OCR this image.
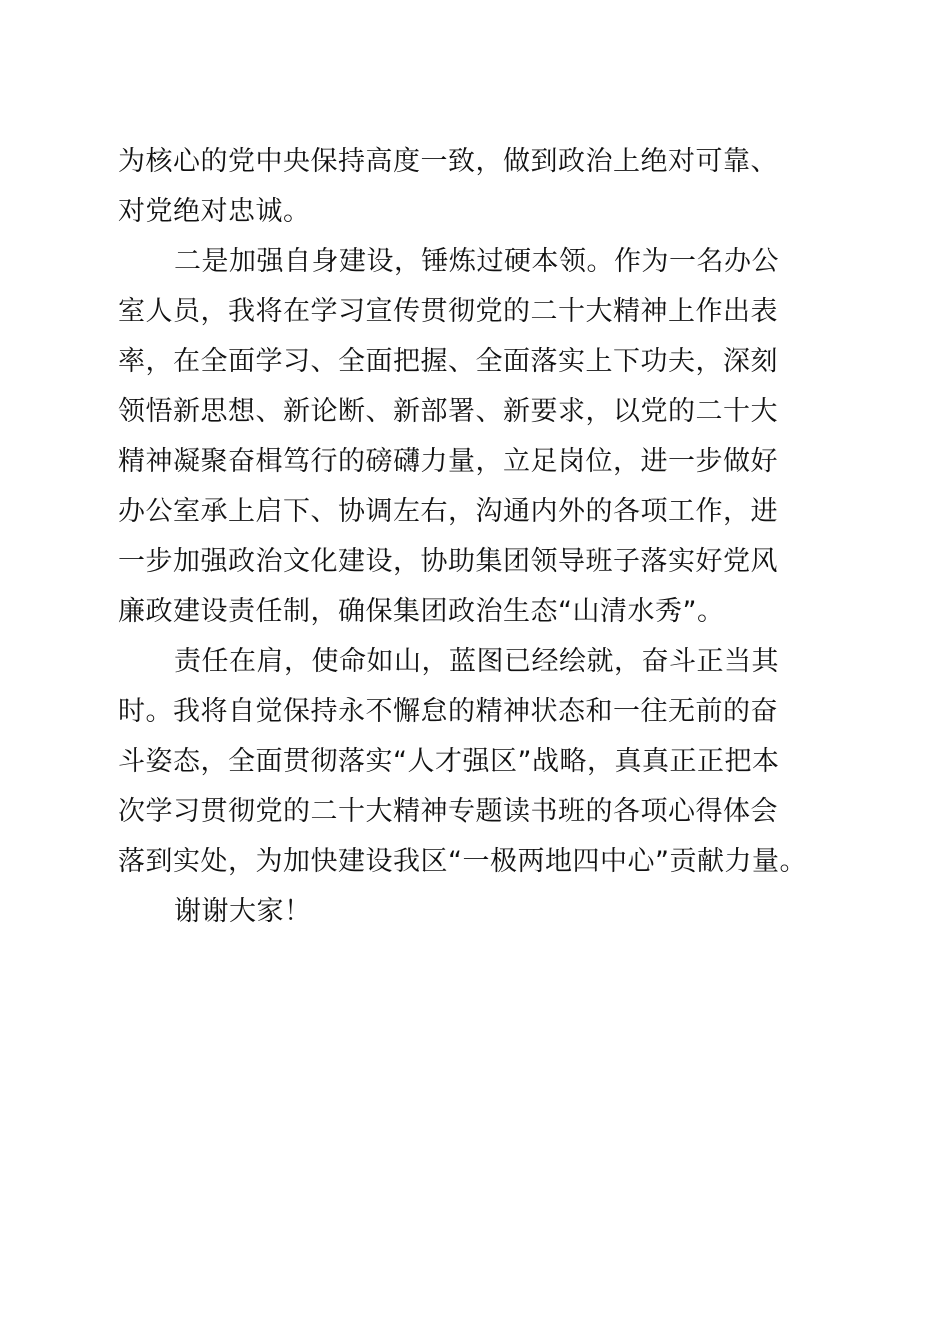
为核心的党中央保持高度一致，做到政治上绝对可靠、
对党绝对忠诚。
二是加强自身建设，锤炼过硬本领。作为一名办公
室人员，我将在学习宣传贯彻党的二十大精神上作出表
率，在全面学习、全面把握、全面落实上下功夫，深刻
领悟新思想、新论断、新部署、新要求，以党的二十大
精神凝聚奋楫笃行的磅礴力量，立足岗位，进一步做好
办公室承上启下、协调左右，沟通内外的各项工作，进
一步加强政治文化建设，协助集团领导班子落实好党风
廉政建设责任制，确保集团政治生态“山清水秀”。
责任在肩，使命如山，蓝图已经绘就，奋斗正当其
时。我将自觉保持永不懈怠的精神状态和一往无前的奋
斗姿态，全面贯彻落实“人才强区”战略，真真正正把本
次学习贯彻党的二十大精神专题读书班的各项心得体会
落到实处，为加快建设我区“一极两地四中心”贡献力量。
谢谢大家！
